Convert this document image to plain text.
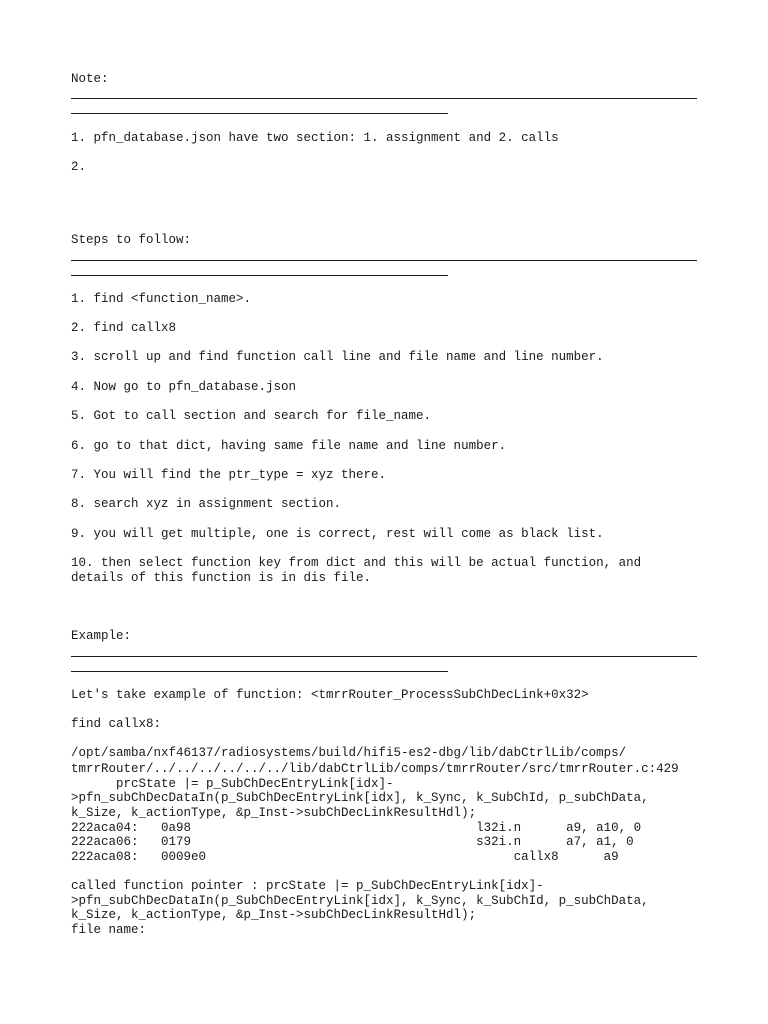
Note:
1. pfn_database.json have two section: 1. assignment and 2. calls
2.
Steps to follow:
1. find <function_name>.
2. find callx8
3. scroll up and find function call line and file name and line number.
4. Now go to pfn_database.json
5. Got to call section and search for file_name.
6. go to that dict, having same file name and line number.
7. You will find the ptr_type = xyz there.
8. search xyz in assignment section.
9. you will get multiple, one is correct, rest will come as black list.
10. then select function key from dict and this will be actual function, and
details of this function is in dis file.
Example:
Let's take example of function: <tmrrRouter_ProcessSubChDecLink+0x32>
find callx8:
/opt/samba/nxf46137/radiosystems/build/hifi5-es2-dbg/lib/dabCtrlLib/comps/
tmrrRouter/../../../../../../lib/dabCtrlLib/comps/tmrrRouter/src/tmrrRouter.c:429
prcState |= p_SubChDecEntryLink[idx]-
>pfn_subChDecDataIn(p_SubChDecEntryLink[idx], k_Sync, k_SubChId, p_subChData,
k_Size, k_actionType, &p_Inst->subChDecLinkResultHdl);
222aca04:   0a98                                      l32i.n      a9, a10, 0
222aca06:   0179                                      s32i.n      a7, a1, 0
222aca08:   0009e0                                         callx8      a9
called function pointer : prcState |= p_SubChDecEntryLink[idx]-
>pfn_subChDecDataIn(p_SubChDecEntryLink[idx], k_Sync, k_SubChId, p_subChData,
k_Size, k_actionType, &p_Inst->subChDecLinkResultHdl);
file name:
